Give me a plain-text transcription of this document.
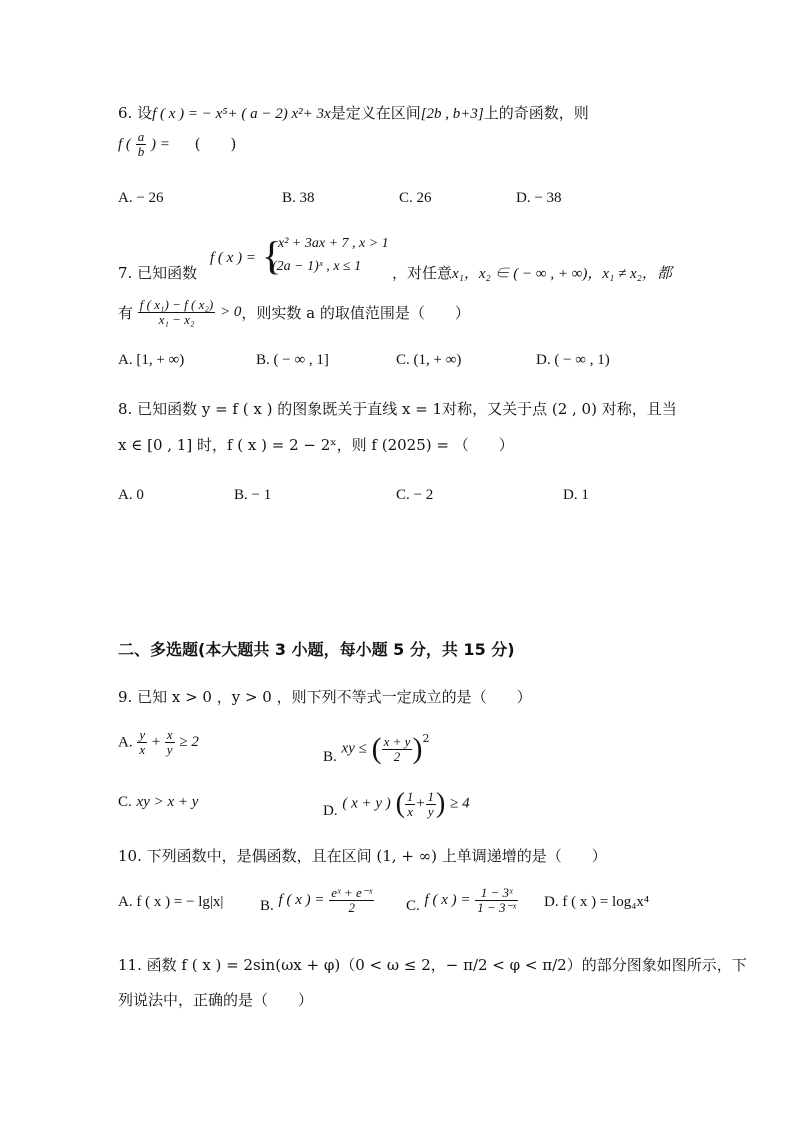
6. 设f ( x ) = − x⁵+ ( a − 2) x²+ 3x是定义在区间[2b , b+3]上的奇函数，则
f ( $\frac{a}{b}$ ) = (　　)
A. − 26	B. 38	C. 26	D. − 38
7. 已知函数
f ( x ) = {
x² + 3ax + 7 , x > 1
(2a − 1)ˣ , x ≤ 1 ，对任意x₁，x₂ ∈ ( − ∞ , + ∞)，x₁ ≠ x₂，都
有 $\frac{\text{f ( x₁) − f ( x₂)}}{\text{x₁ − x₂}} > 0$，则实数 a 的取值范围是（　　）
A. [1, + ∞)	B. ( − ∞ , 1]	C. (1, + ∞)	D. ( − ∞ , 1)
8. 已知函数 y = f ( x ) 的图象既关于直线 x = 1对称，又关于点 (2 , 0) 对称，且当
x ∈ [0 , 1] 时，f ( x ) = 2 − 2ˣ，则 f (2025) = （　　）
A. 0	B. − 1	C. − 2	D. 1
二、多选题(本大题共 3 小题，每小题 5 分，共 15 分)
9. 已知 x > 0 ，y > 0 ，则下列不等式一定成立的是（　　）
A. $\frac{y}{x} + \frac{x}{y} \ge 2$
B. xy ≤ ( $\frac{x + y}{2} )^2$
C. xy > x + y
D. ( x + y ) ( $\frac{1}{x} + \frac{1}{y}$ ) ≥ 4
10. 下列函数中，是偶函数，且在区间 (1, + ∞) 上单调递增的是（　　）
A. f ( x ) = − lg|x| B. f ( x ) = $\frac{\text{eˣ + e⁻ˣ}}{2} C$. f ( x ) = $\frac{\text{1 − 3ˣ}}{\text{1 − 3⁻ˣ}} D$. f ( x ) = log₄x⁴
11. 函数 f ( x ) = 2sin(ωx + φ)（0 < ω ≤ 2，− π/2 < φ < π/2）的部分图象如图所示，下
列说法中，正确的是（　　）
